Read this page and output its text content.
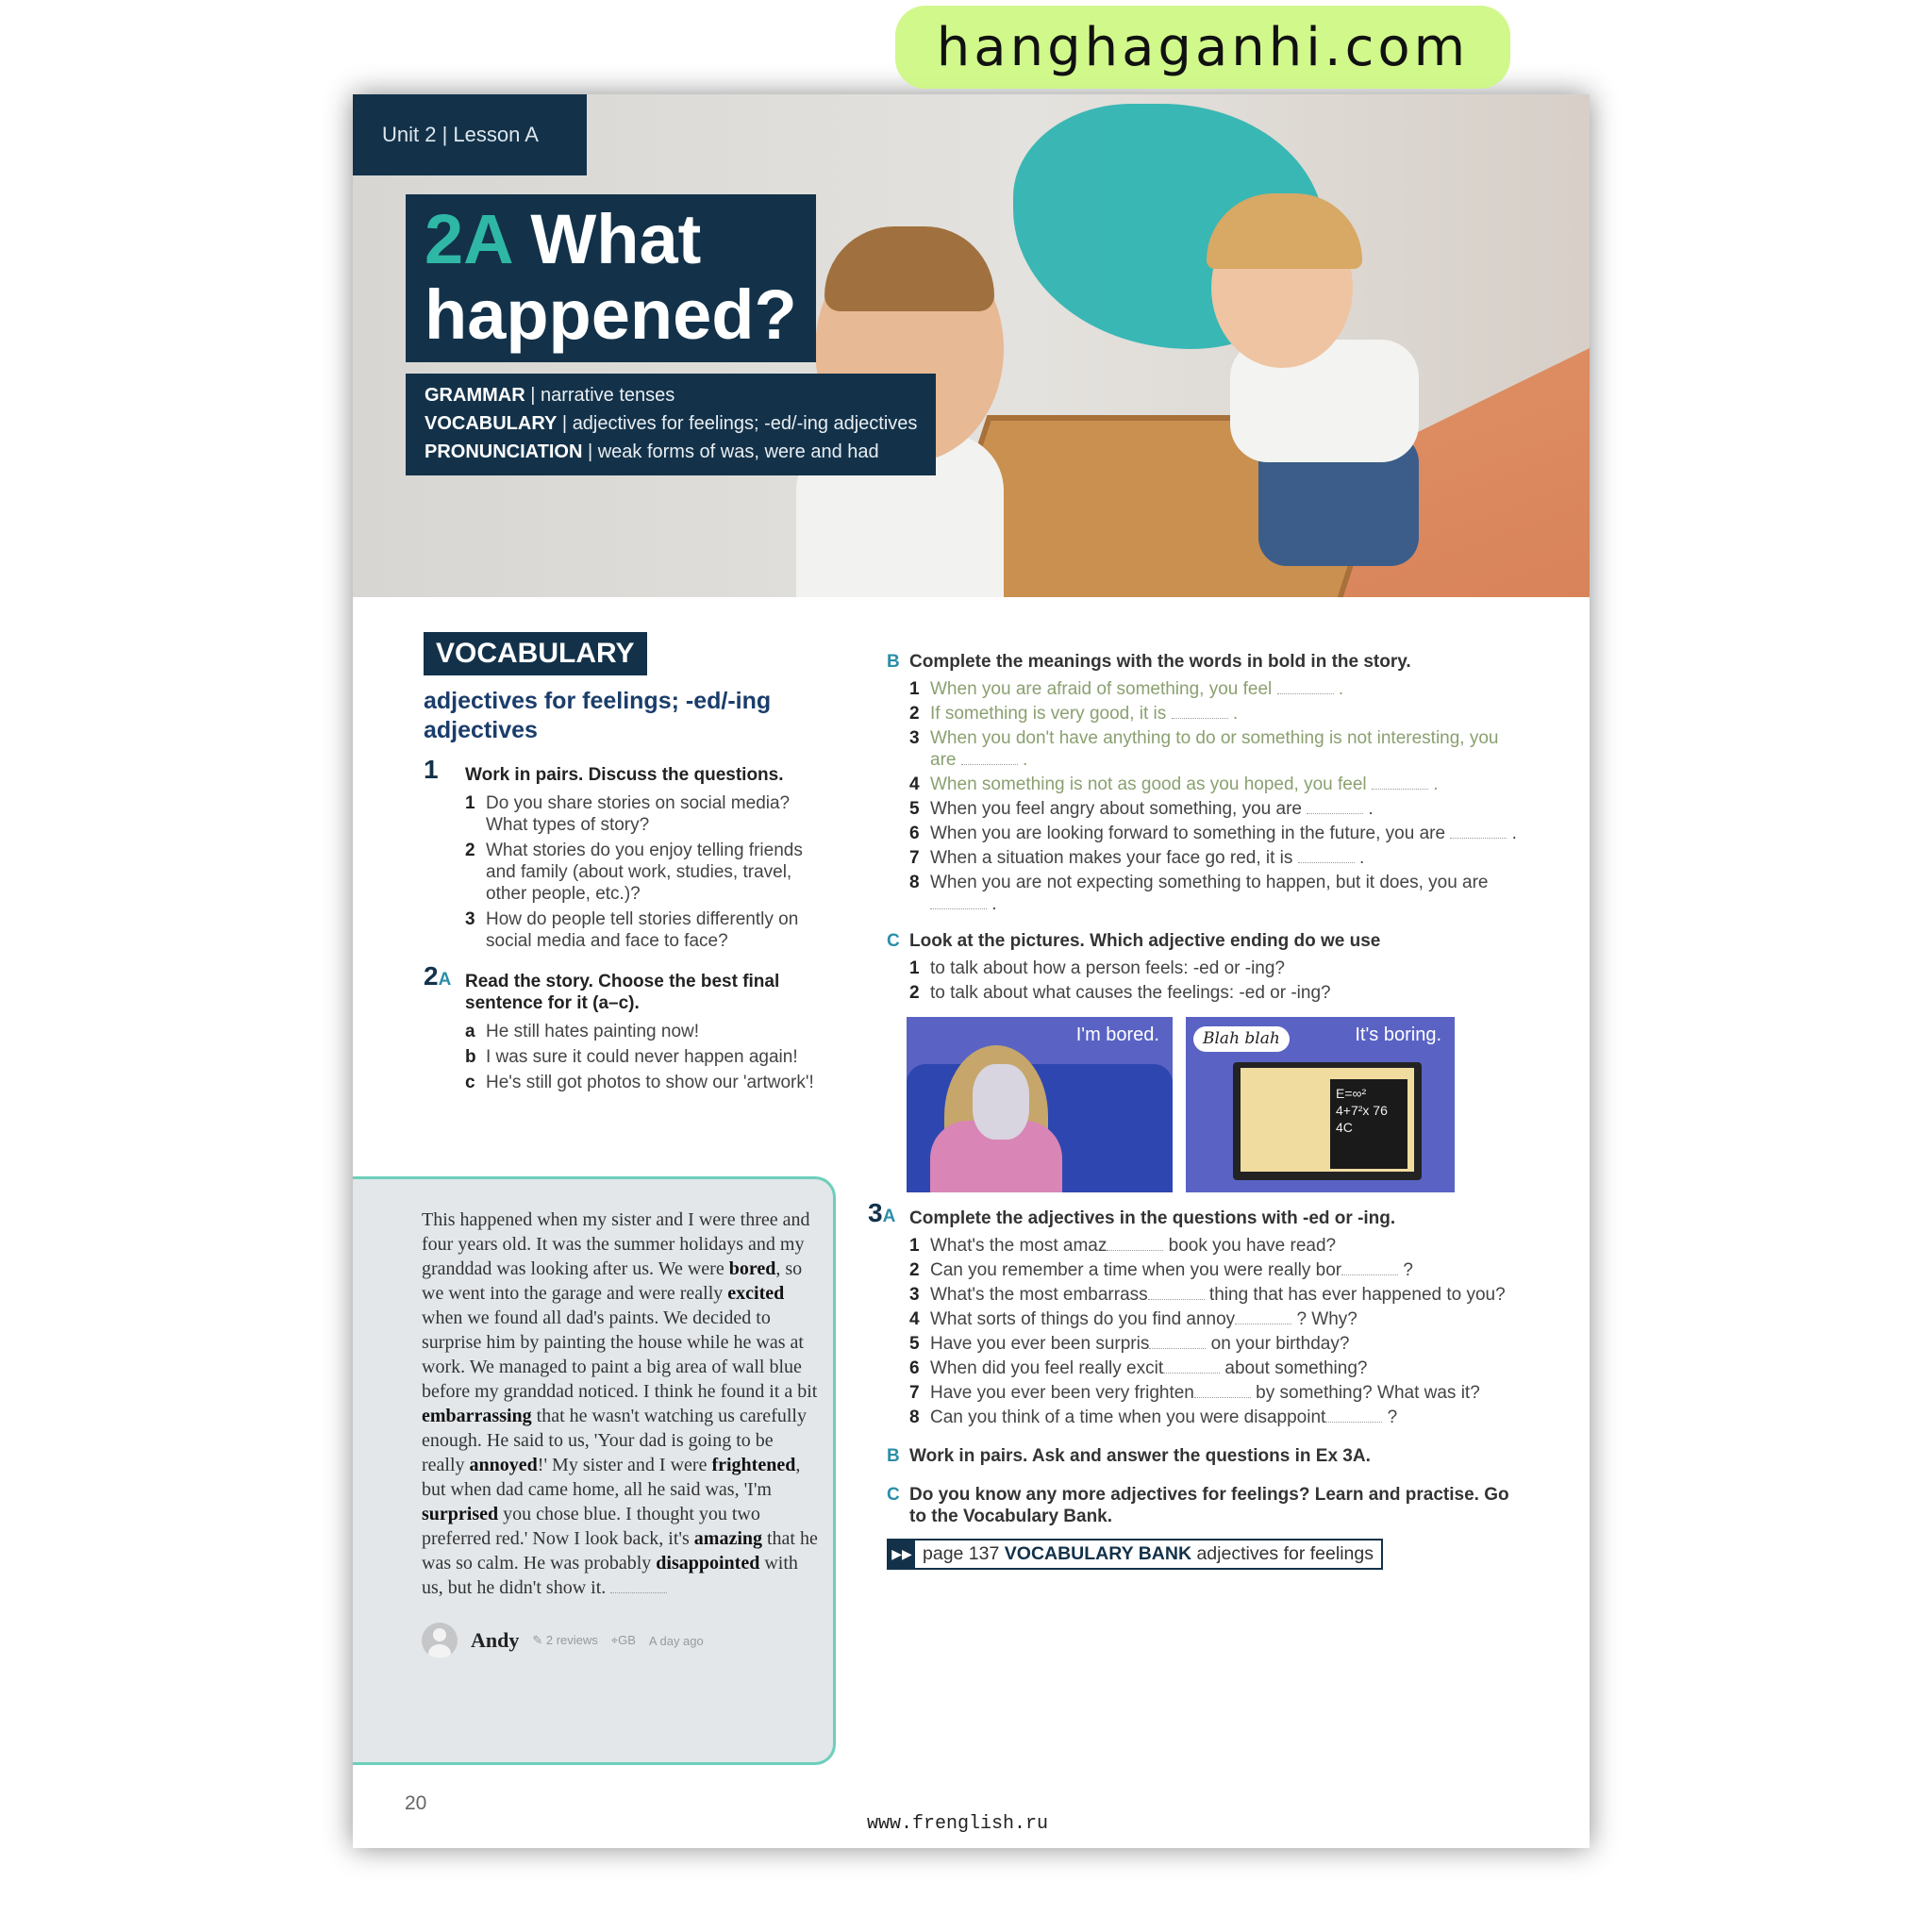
Unit 2 | Lesson A
2A What
happened?
GRAMMAR | narrative tenses
VOCABULARY | adjectives for feelings; -ed/-ing adjectives
PRONUNCIATION | weak forms of was, were and had
VOCABULARY
adjectives for feelings; -ed/-ing adjectives
1 Work in pairs. Discuss the questions.
1 Do you share stories on social media? What types of story?
2 What stories do you enjoy telling friends and family (about work, studies, travel, other people, etc.)?
3 How do people tell stories differently on social media and face to face?
2A Read the story. Choose the best final sentence for it (a–c).
a He still hates painting now!
b I was sure it could never happen again!
c He's still got photos to show our 'artwork'!
This happened when my sister and I were three and four years old. It was the summer holidays and my granddad was looking after us. We were bored, so we went into the garage and were really excited when we found all dad's paints. We decided to surprise him by painting the house while he was at work. We managed to paint a big area of wall blue before my granddad noticed. I think he found it a bit embarrassing that he wasn't watching us carefully enough. He said to us, 'Your dad is going to be really annoyed!' My sister and I were frightened, but when dad came home, all he said was, 'I'm surprised you chose blue. I thought you two preferred red.' Now I look back, it's amazing that he was so calm. He was probably disappointed with us, but he didn't show it.
Andy ✎ 2 reviews ⌖GB A day ago
B Complete the meanings with the words in bold in the story.
1 When you are afraid of something, you feel	.
2 If something is very good, it is	.
3 When you don't have anything to do or something is not interesting, you are	.
4 When something is not as good as you hoped, you feel	.
5 When you feel angry about something, you are	.
6 When you are looking forward to something in the future, you are	.
7 When a situation makes your face go red, it is	.
8 When you are not expecting something to happen, but it does, you are  .
C Look at the pictures. Which adjective ending do we use
1 to talk about how a person feels: -ed or -ing?
2 to talk about what causes the feelings: -ed or -ing?
I'm bored.
E=∞² 4+7²x 76 4C
Blah blah	It's boring.
3A Complete the adjectives in the questions with -ed or -ing.
1 What's the most amaz	book you have read?
2 Can you remember a time when you were really bor	?
3 What's the most embarrass	thing that has ever happened to you?
4 What sorts of things do you find annoy	? Why?
5 Have you ever been surpris	on your birthday?
6 When did you feel really excit	about something?
7 Have you ever been very frighten	by something? What was it?
8 Can you think of a time when you were disappoint	?
B Work in pairs. Ask and answer the questions in Ex 3A.
C Do you know any more adjectives for feelings? Learn and practise. Go to the Vocabulary Bank.
▶▶ page 137 VOCABULARY BANK adjectives for feelings
20
www.frenglish.ru
hanghaganhi.com
